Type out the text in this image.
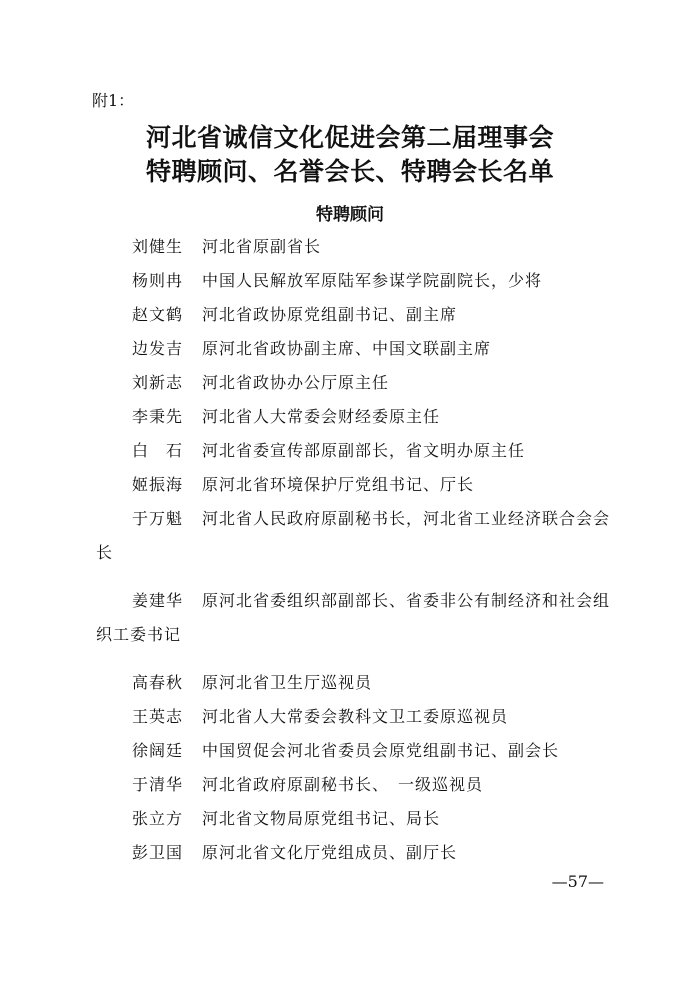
附1：
河北省诚信文化促进会第二届理事会
特聘顾问、名誉会长、特聘会长名单
特聘顾问

刘健生 河北省原副省长

杨则冉 中国人民解放军原陆军参谋学院副院长，少将

赵文鹤 河北省政协原党组副书记、副主席

边发吉 原河北省政协副主席、中国文联副主席

刘新志 河北省政协办公厅原主任

李秉先 河北省人大常委会财经委原主任

白　石 河北省委宣传部原副部长，省文明办原主任

姬振海 原河北省环境保护厅党组书记、厅长

于万魁 河北省人民政府原副秘书长，河北省工业经济联合会会长

姜建华 原河北省委组织部副部长、省委非公有制经济和社会组织工委书记

高春秋 原河北省卫生厅巡视员

王英志 河北省人大常委会教科文卫工委原巡视员

徐阔廷 中国贸促会河北省委员会原党组副书记、副会长

于清华 河北省政府原副秘书长、　一级巡视员

张立方 河北省文物局原党组书记、局长

彭卫国 原河北省文化厅党组成员、副厅长

—57—
